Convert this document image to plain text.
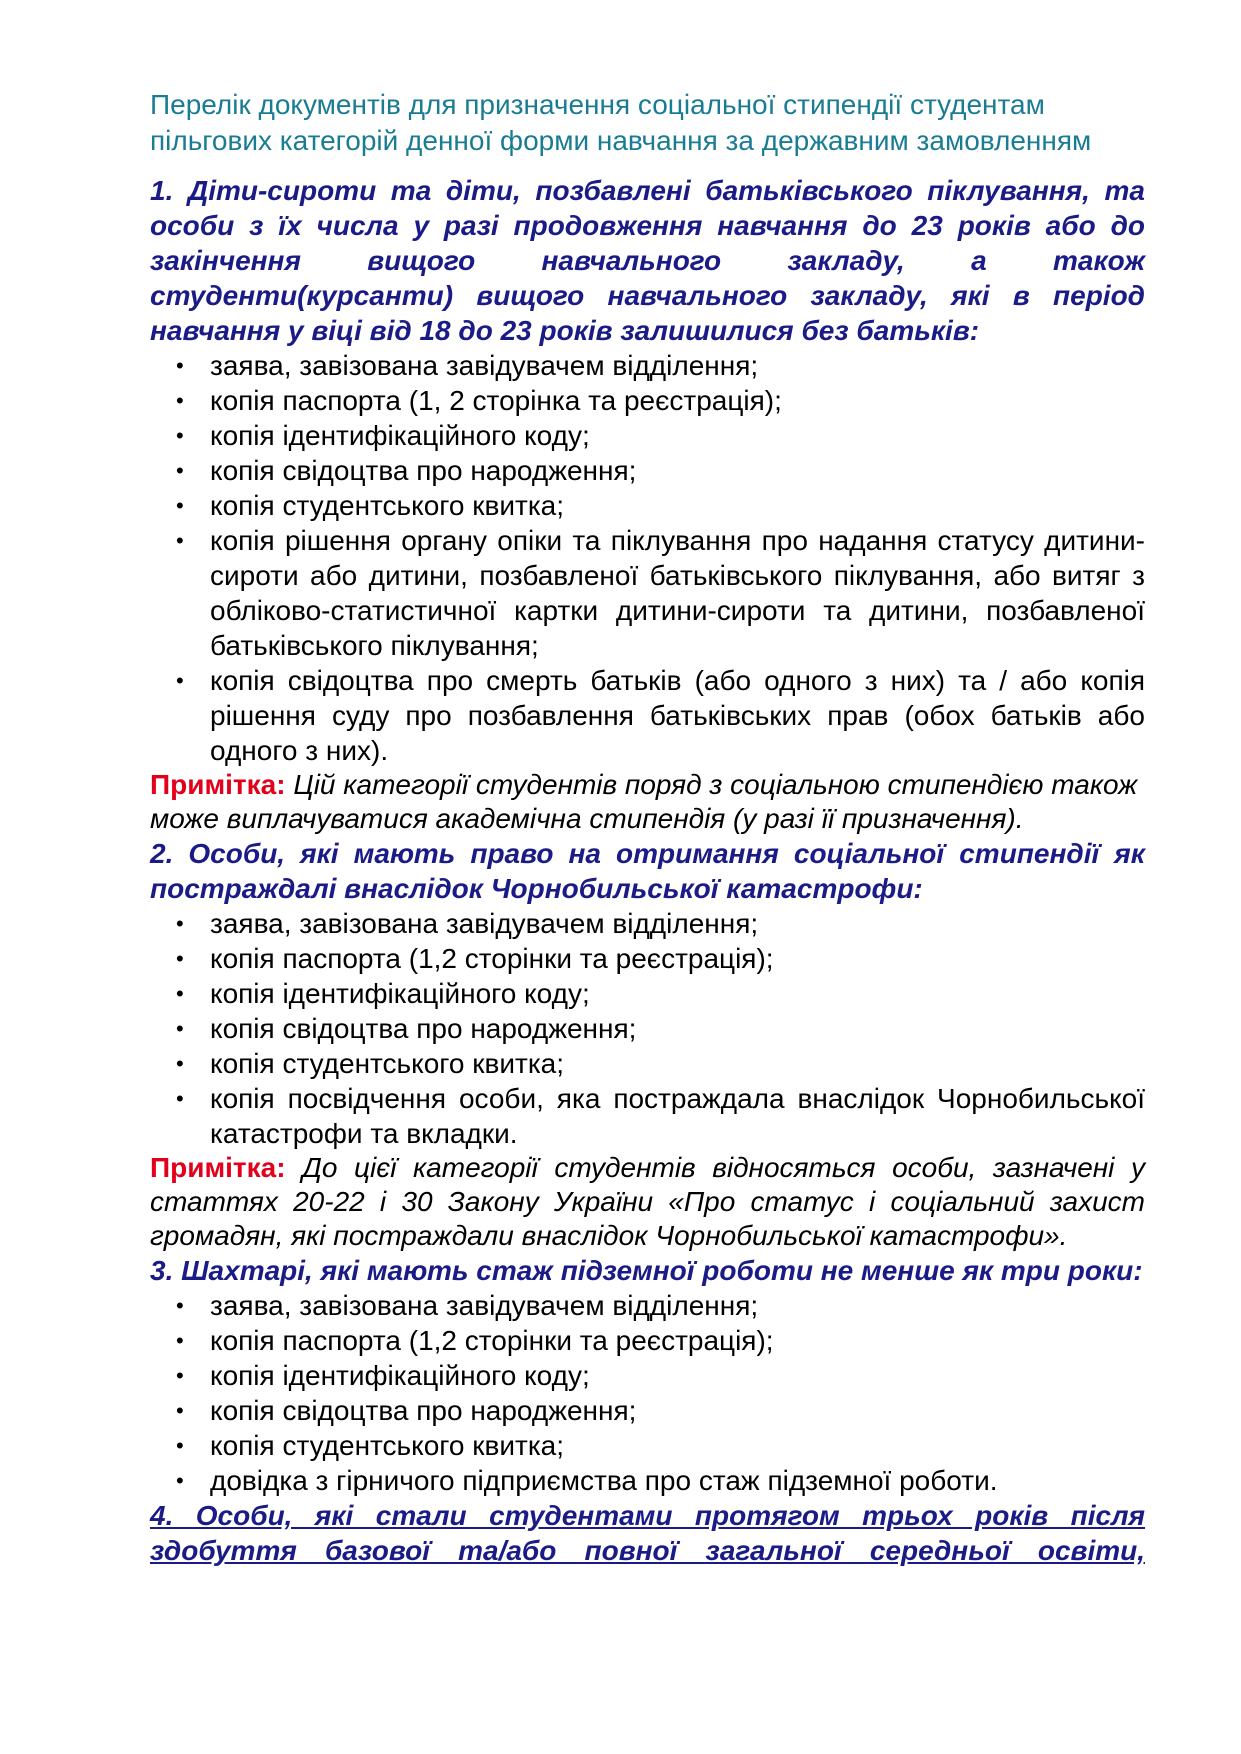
Перелік документів для призначення соціальної стипендії студентам пільгових категорій денної форми навчання за державним замовленням

1. Діти-сироти та діти, позбавлені батьківського піклування, та особи з їх числа у разі продовження навчання до 23 років або до закінчення вищого навчального закладу, а також студенти(курсанти) вищого навчального закладу, які в період навчання у віці від 18 до 23 років залишилися без батьків:

• заява, завізована завідувачем відділення;
• копія паспорта (1, 2 сторінка та реєстрація);
• копія ідентифікаційного коду;
• копія свідоцтва про народження;
• копія студентського квитка;
• копія рішення органу опіки та піклування про надання статусу дитини-сироти або дитини, позбавленої батьківського піклування, або витяг з обліково-статистичної картки дитини-сироти та дитини, позбавленої батьківського піклування;
• копія свідоцтва про смерть батьків (або одного з них) та / або копія рішення суду про позбавлення батьківських прав (обох батьків або одного з них).

Примітка: Цій категорії студентів поряд з соціальною стипендією також може виплачуватися академічна стипендія (у разі її призначення).

2. Особи, які мають право на отримання соціальної стипендії як постраждалі внаслідок Чорнобильської катастрофи:

• заява, завізована завідувачем відділення;
• копія паспорта (1,2 сторінки та реєстрація);
• копія ідентифікаційного коду;
• копія свідоцтва про народження;
• копія студентського квитка;
• копія посвідчення особи, яка постраждала внаслідок Чорнобильської катастрофи та вкладки.

Примітка: До цієї категорії студентів відносяться особи, зазначені у статтях 20-22 і 30 Закону України «Про статус і соціальний захист громадян, які постраждали внаслідок Чорнобильської катастрофи».

3. Шахтарі, які мають стаж підземної роботи не менше як три роки:

• заява, завізована завідувачем відділення;
• копія паспорта (1,2 сторінки та реєстрація);
• копія ідентифікаційного коду;
• копія свідоцтва про народження;
• копія студентського квитка;
• довідка з гірничого підприємства про стаж підземної роботи.

4. Особи, які стали студентами протягом трьох років після здобуття базової та/або повної загальної середньої освіти,
